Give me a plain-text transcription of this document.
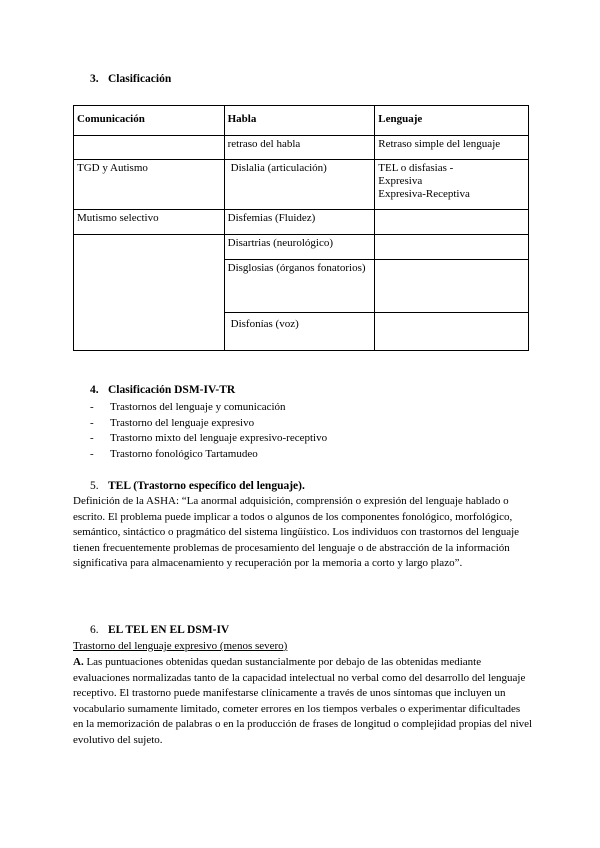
3. Clasificación
Comunicación	Habla	Lenguaje
	retraso del habla	Retraso simple del lenguaje
TGD y Autismo	Dislalia (articulación)	TEL o disfasias -
Expresiva
Expresiva-Receptiva
Mutismo selectivo	Disfemias (Fluidez)	
	Disartrias (neurológico)	
	Disglosias (órganos fonatorios)	
	Disfonías (voz)	
4. Clasificación DSM-IV-TR
- Trastornos del lenguaje y comunicación
- Trastorno del lenguaje expresivo
- Trastorno mixto del lenguaje expresivo-receptivo
- Trastorno fonológico Tartamudeo
5. TEL (Trastorno específico del lenguaje).
Definición de la ASHA: “La anormal adquisición, comprensión o expresión del lenguaje hablado o escrito. El problema puede implicar a todos o algunos de los componentes fonológico, morfológico, semántico, sintáctico o pragmático del sistema lingüístico. Los individuos con trastornos del lenguaje tienen frecuentemente problemas de procesamiento del lenguaje o de abstracción de la información significativa para almacenamiento y recuperación por la memoria a corto y largo plazo”.
6. EL TEL EN EL DSM-IV
Trastorno del lenguaje expresivo (menos severo)
A. Las puntuaciones obtenidas quedan sustancialmente por debajo de las obtenidas mediante evaluaciones normalizadas tanto de la capacidad intelectual no verbal como del desarrollo del lenguaje receptivo. El trastorno puede manifestarse clínicamente a través de unos síntomas que incluyen un vocabulario sumamente limitado, cometer errores en los tiempos verbales o experimentar dificultades en la memorización de palabras o en la producción de frases de longitud o complejidad propias del nivel evolutivo del sujeto.
